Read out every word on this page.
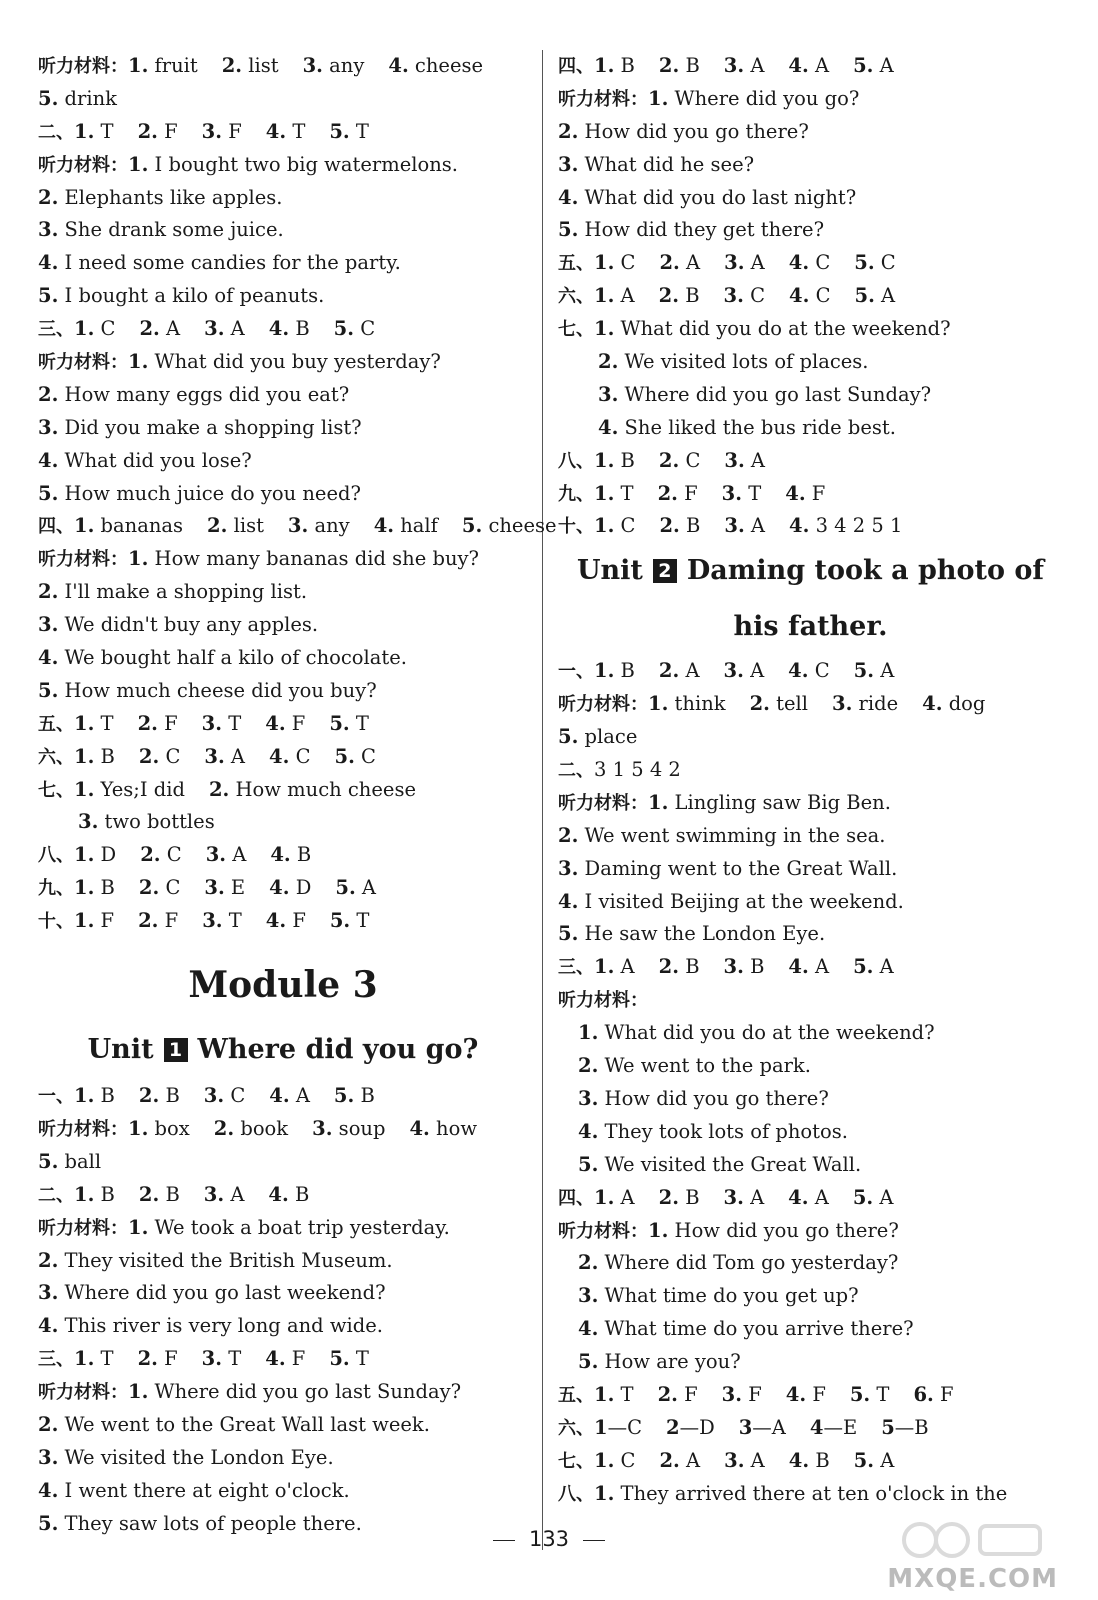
听力材料：1. fruit 2. list 3. any 4. cheese
5. drink
二、1. T 2. F 3. F 4. T 5. T
听力材料：1. I bought two big watermelons.
2. Elephants like apples.
3. She drank some juice.
4. I need some candies for the party.
5. I bought a kilo of peanuts.
三、1. C 2. A 3. A 4. B 5. C
听力材料：1. What did you buy yesterday?
2. How many eggs did you eat?
3. Did you make a shopping list?
4. What did you lose?
5. How much juice do you need?
四、1. bananas 2. list 3. any 4. half 5. cheese
听力材料：1. How many bananas did she buy?
2. I'll make a shopping list.
3. We didn't buy any apples.
4. We bought half a kilo of chocolate.
5. How much cheese did you buy?
五、1. T 2. F 3. T 4. F 5. T
六、1. B 2. C 3. A 4. C 5. C
七、1. Yes;I did 2. How much cheese
3. two bottles
八、1. D 2. C 3. A 4. B
九、1. B 2. C 3. E 4. D 5. A
十、1. F 2. F 3. T 4. F 5. T
Module 3
Unit 1 Where did you go?
一、1. B 2. B 3. C 4. A 5. B
听力材料：1. box 2. book 3. soup 4. how
5. ball
二、1. B 2. B 3. A 4. B
听力材料：1. We took a boat trip yesterday.
2. They visited the British Museum.
3. Where did you go last weekend?
4. This river is very long and wide.
三、1. T 2. F 3. T 4. F 5. T
听力材料：1. Where did you go last Sunday?
2. We went to the Great Wall last week.
3. We visited the London Eye.
4. I went there at eight o'clock.
5. They saw lots of people there.
四、1. B 2. B 3. A 4. A 5. A
听力材料：1. Where did you go?
2. How did you go there?
3. What did he see?
4. What did you do last night?
5. How did they get there?
五、1. C 2. A 3. A 4. C 5. C
六、1. A 2. B 3. C 4. C 5. A
七、1. What did you do at the weekend?
2. We visited lots of places.
3. Where did you go last Sunday?
4. She liked the bus ride best.
八、1. B 2. C 3. A
九、1. T 2. F 3. T 4. F
十、1. C 2. B 3. A 4. 3 4 2 5 1
Unit 2 Daming took a photo of
his father.
一、1. B 2. A 3. A 4. C 5. A
听力材料：1. think 2. tell 3. ride 4. dog
5. place
二、3 1 5 4 2
听力材料：1. Lingling saw Big Ben.
2. We went swimming in the sea.
3. Daming went to the Great Wall.
4. I visited Beijing at the weekend.
5. He saw the London Eye.
三、1. A 2. B 3. B 4. A 5. A
听力材料：
1. What did you do at the weekend?
2. We went to the park.
3. How did you go there?
4. They took lots of photos.
5. We visited the Great Wall.
四、1. A 2. B 3. A 4. A 5. A
听力材料：1. How did you go there?
2. Where did Tom go yesterday?
3. What time do you get up?
4. What time do you arrive there?
5. How are you?
五、1. T 2. F 3. F 4. F 5. T 6. F
六、1—C 2—D 3—A 4—E 5—B
七、1. C 2. A 3. A 4. B 5. A
八、1. They arrived there at ten o'clock in the
133
MXQE.COM
